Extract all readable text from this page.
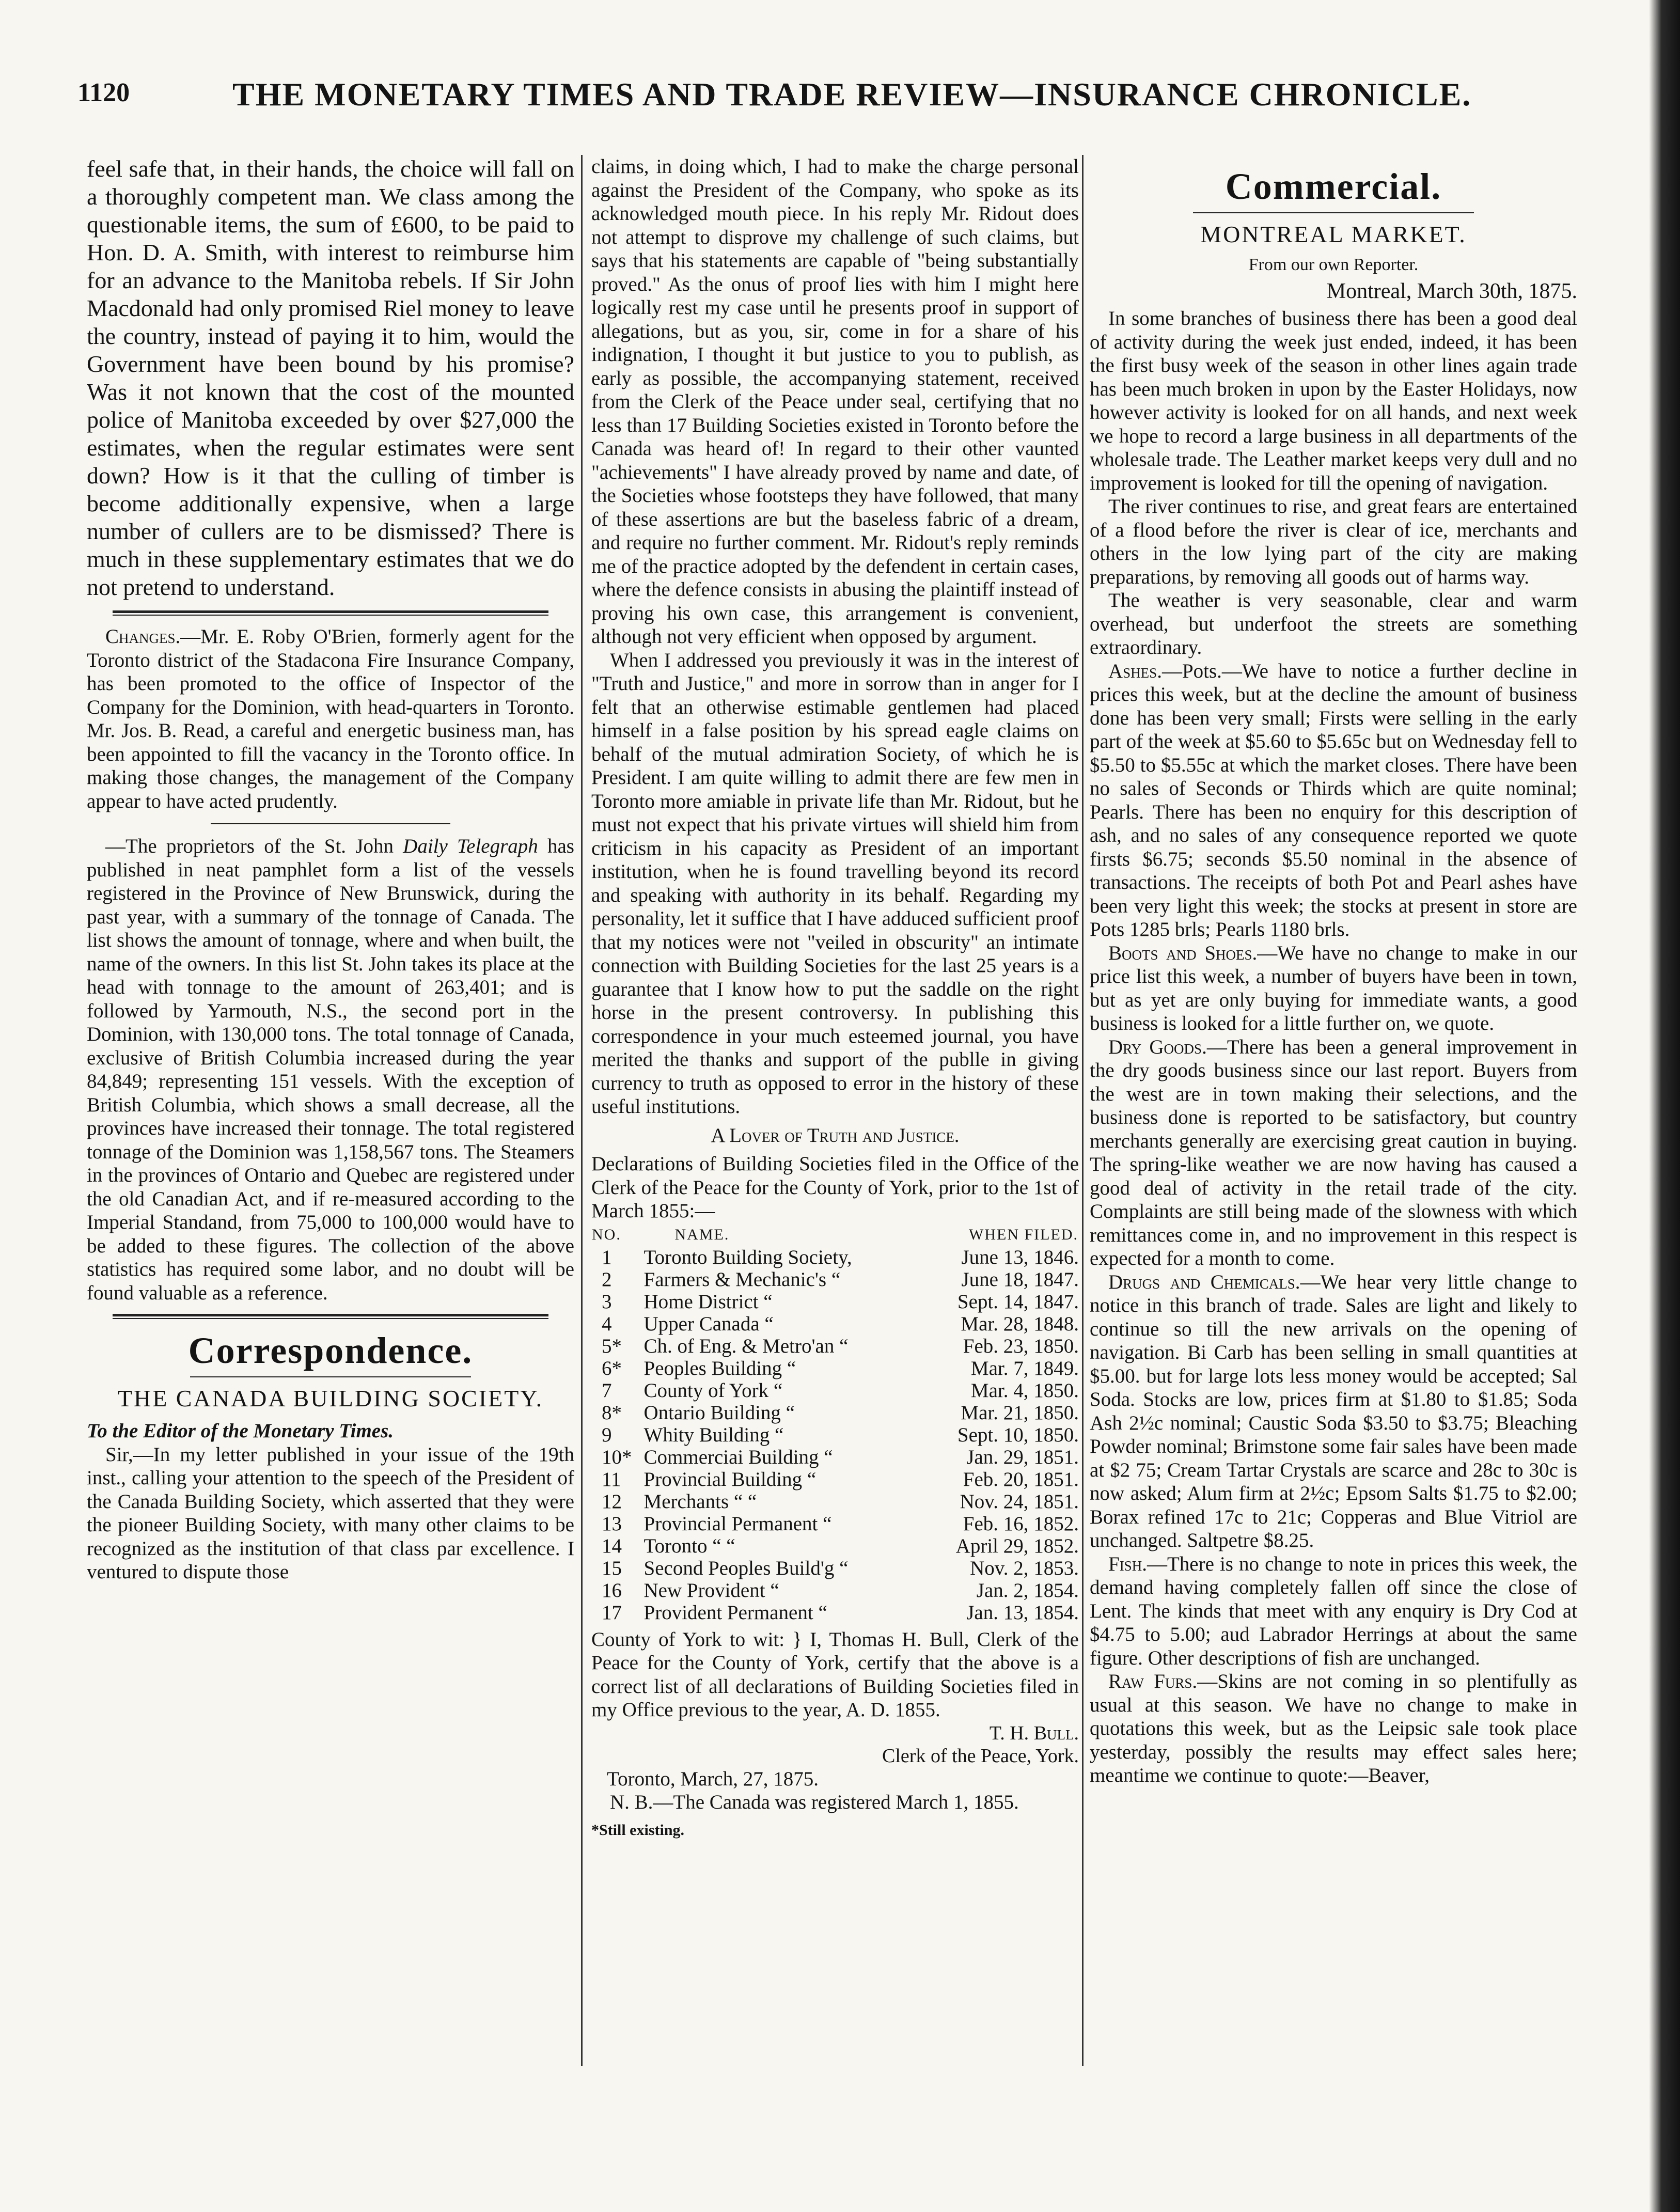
1120	THE MONETARY TIMES AND TRADE REVIEW—INSURANCE CHRONICLE.

feel safe that, in their hands, the choice will fall on a thoroughly competent man. We class among the questionable items, the sum of £600, to be paid to Hon. D. A. Smith, with interest to reimburse him for an advance to the Manitoba rebels. If Sir John Macdonald had only promised Riel money to leave the country, instead of paying it to him, would the Government have been bound by his promise? Was it not known that the cost of the mounted police of Manitoba exceeded by over $27,000 the estimates, when the regular estimates were sent down? How is it that the culling of timber is become additionally expensive, when a large number of cullers are to be dismissed? There is much in these supplementary estimates that we do not pretend to understand.

Changes.—Mr. E. Roby O'Brien, formerly agent for the Toronto district of the Stadacona Fire Insurance Company, has been promoted to the office of Inspector of the Company for the Dominion, with head-quarters in Toronto. Mr. Jos. B. Read, a careful and energetic business man, has been appointed to fill the vacancy in the Toronto office. In making those changes, the management of the Company appear to have acted prudently.

—The proprietors of the St. John Daily Telegraph has published in neat pamphlet form a list of the vessels registered in the Province of New Brunswick, during the past year, with a summary of the tonnage of Canada. The list shows the amount of tonnage, where and when built, the name of the owners. In this list St. John takes its place at the head with tonnage to the amount of 263,401; and is followed by Yarmouth, N.S., the second port in the Dominion, with 130,000 tons. The total tonnage of Canada, exclusive of British Columbia increased during the year 84,849; representing 151 vessels. With the exception of British Columbia, which shows a small decrease, all the provinces have increased their tonnage. The total registered tonnage of the Dominion was 1,158,567 tons. The Steamers in the provinces of Ontario and Quebec are registered under the old Canadian Act, and if re-measured according to the Imperial Standand, from 75,000 to 100,000 would have to be added to these figures. The collection of the above statistics has required some labor, and no doubt will be found valuable as a reference.

Correspondence.
THE CANADA BUILDING SOCIETY.

To the Editor of the Monetary Times.

Sir,—In my letter published in your issue of the 19th inst., calling your attention to the speech of the President of the Canada Building Society, which asserted that they were the pioneer Building Society, with many other claims to be recognized as the institution of that class par excellence. I ventured to dispute those

claims, in doing which, I had to make the charge personal against the President of the Company, who spoke as its acknowledged mouth piece. In his reply Mr. Ridout does not attempt to disprove my challenge of such claims, but says that his statements are capable of "being substantially proved." As the onus of proof lies with him I might here logically rest my case until he presents proof in support of allegations, but as you, sir, come in for a share of his indignation, I thought it but justice to you to publish, as early as possible, the accompanying statement, received from the Clerk of the Peace under seal, certifying that no less than 17 Building Societies existed in Toronto before the Canada was heard of! In regard to their other vaunted "achievements" I have already proved by name and date, of the Societies whose footsteps they have followed, that many of these assertions are but the baseless fabric of a dream, and require no further comment. Mr. Ridout's reply reminds me of the practice adopted by the defendent in certain cases, where the defence consists in abusing the plaintiff instead of proving his own case, this arrangement is convenient, although not very efficient when opposed by argument.

When I addressed you previously it was in the interest of "Truth and Justice," and more in sorrow than in anger for I felt that an otherwise estimable gentlemen had placed himself in a false position by his spread eagle claims on behalf of the mutual admiration Society, of which he is President. I am quite willing to admit there are few men in Toronto more amiable in private life than Mr. Ridout, but he must not expect that his private virtues will shield him from criticism in his capacity as President of an important institution, when he is found travelling beyond its record and speaking with authority in its behalf. Regarding my personality, let it suffice that I have adduced sufficient proof that my notices were not "veiled in obscurity" an intimate connection with Building Societies for the last 25 years is a guarantee that I know how to put the saddle on the right horse in the present controversy. In publishing this correspondence in your much esteemed journal, you have merited the thanks and support of the publle in giving currency to truth as opposed to error in the history of these useful institutions.

A Lover of Truth and Justice.

Declarations of Building Societies filed in the Office of the Clerk of the Peace for the County of York, prior to the 1st of March 1855:—

NO.	NAME.	WHEN FILED.
1	Toronto Building Society,	June 13, 1846.
2	Farmers & Mechanic's “	June 18, 1847.
3	Home District “	Sept. 14, 1847.
4	Upper Canada “	Mar. 28, 1848.
5*	Ch. of Eng. & Metro'an “	Feb. 23, 1850.
6*	Peoples Building “	Mar. 7, 1849.
7	County of York “	Mar. 4, 1850.
8*	Ontario Building “	Mar. 21, 1850.
9	Whity Building “	Sept. 10, 1850.
10*	Commerciai Building “	Jan. 29, 1851.
11	Provincial Building “	Feb. 20, 1851.
12	Merchants “ “	Nov. 24, 1851.
13	Provincial Permanent “	Feb. 16, 1852.
14	Toronto “ “	April 29, 1852.
15	Second Peoples Build'g “	Nov. 2, 1853.
16	New Provident “	Jan. 2, 1854.
17	Provident Permanent “	Jan. 13, 1854.

County of York to wit: } I, Thomas H. Bull, Clerk of the Peace for the County of York, certify that the above is a correct list of all declarations of Building Societies filed in my Office previous to the year, A. D. 1855.

T. H. Bull.

Clerk of the Peace, York.

Toronto, March, 27, 1875.

N. B.—The Canada was registered March 1, 1855.

*Still existing.

Commercial.
MONTREAL MARKET.
From our own Reporter.
Montreal, March 30th, 1875.

In some branches of business there has been a good deal of activity during the week just ended, indeed, it has been the first busy week of the season in other lines again trade has been much broken in upon by the Easter Holidays, now however activity is looked for on all hands, and next week we hope to record a large business in all departments of the wholesale trade. The Leather market keeps very dull and no improvement is looked for till the opening of navigation.

The river continues to rise, and great fears are entertained of a flood before the river is clear of ice, merchants and others in the low lying part of the city are making preparations, by removing all goods out of harms way.

The weather is very seasonable, clear and warm overhead, but underfoot the streets are something extraordinary.

Ashes.—Pots.—We have to notice a further decline in prices this week, but at the decline the amount of business done has been very small; Firsts were selling in the early part of the week at $5.60 to $5.65c but on Wednesday fell to $5.50 to $5.55c at which the market closes. There have been no sales of Seconds or Thirds which are quite nominal; Pearls. There has been no enquiry for this description of ash, and no sales of any consequence reported we quote firsts $6.75; seconds $5.50 nominal in the absence of transactions. The receipts of both Pot and Pearl ashes have been very light this week; the stocks at present in store are Pots 1285 brls; Pearls 1180 brls.

Boots and Shoes.—We have no change to make in our price list this week, a number of buyers have been in town, but as yet are only buying for immediate wants, a good business is looked for a little further on, we quote.

Dry Goods.—There has been a general improvement in the dry goods business since our last report. Buyers from the west are in town making their selections, and the business done is reported to be satisfactory, but country merchants generally are exercising great caution in buying. The spring-like weather we are now having has caused a good deal of activity in the retail trade of the city. Complaints are still being made of the slowness with which remittances come in, and no improvement in this respect is expected for a month to come.

Drugs and Chemicals.—We hear very little change to notice in this branch of trade. Sales are light and likely to continue so till the new arrivals on the opening of navigation. Bi Carb has been selling in small quantities at $5.00. but for large lots less money would be accepted; Sal Soda. Stocks are low, prices firm at $1.80 to $1.85; Soda Ash 2½c nominal; Caustic Soda $3.50 to $3.75; Bleaching Powder nominal; Brimstone some fair sales have been made at $2 75; Cream Tartar Crystals are scarce and 28c to 30c is now asked; Alum firm at 2½c; Epsom Salts $1.75 to $2.00; Borax refined 17c to 21c; Copperas and Blue Vitriol are unchanged. Saltpetre $8.25.

Fish.—There is no change to note in prices this week, the demand having completely fallen off since the close of Lent. The kinds that meet with any enquiry is Dry Cod at $4.75 to 5.00; aud Labrador Herrings at about the same figure. Other descriptions of fish are unchanged.

Raw Furs.—Skins are not coming in so plentifully as usual at this season. We have no change to make in quotations this week, but as the Leipsic sale took place yesterday, possibly the results may effect sales here; meantime we continue to quote:—Beaver,
